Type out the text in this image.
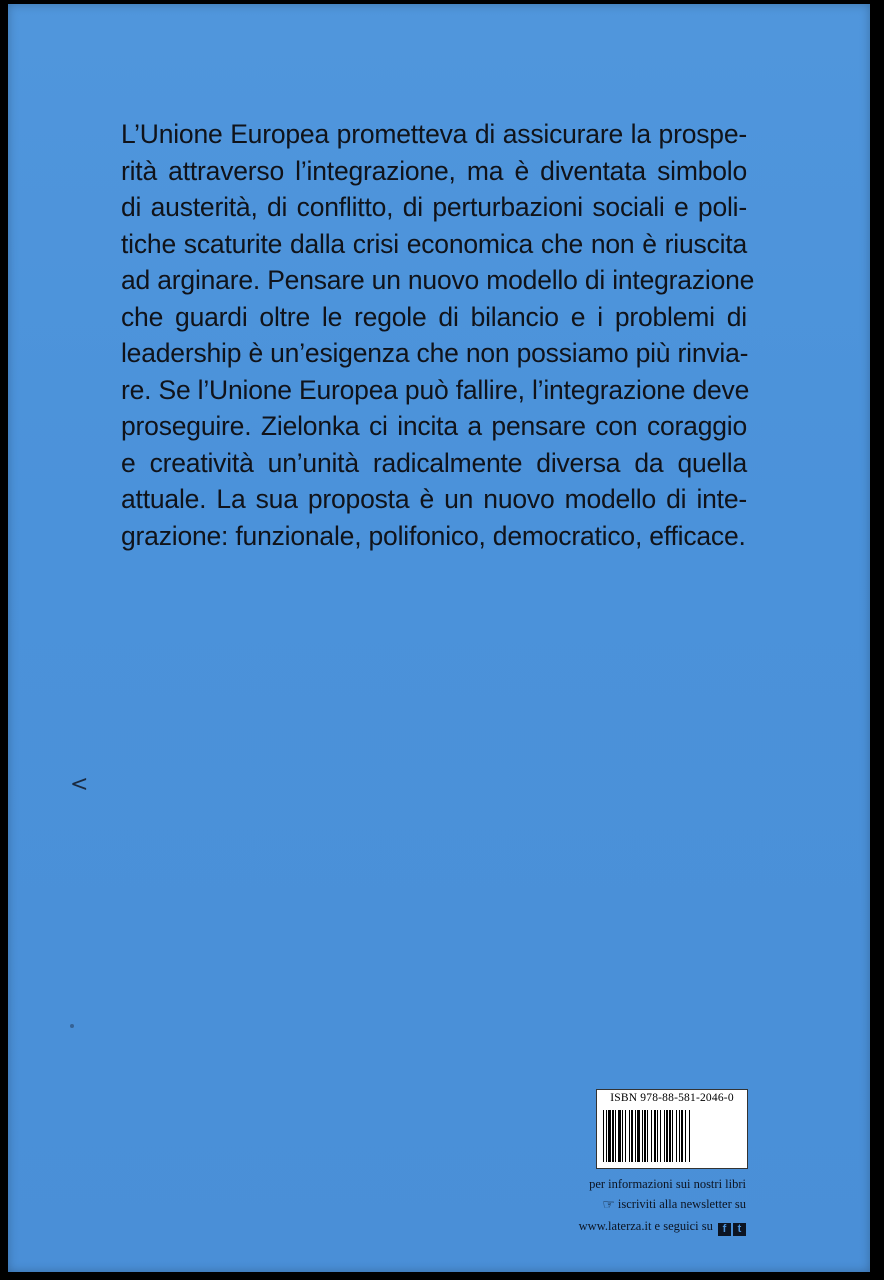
L’Unione Europea prometteva di assicurare la prospe-
rità attraverso l’integrazione, ma è diventata simbolo
di austerità, di conflitto, di perturbazioni sociali e poli-
tiche scaturite dalla crisi economica che non è riuscita
ad arginare. Pensare un nuovo modello di integrazione
che guardi oltre le regole di bilancio e i problemi di
leadership è un’esigenza che non possiamo più rinvia-
re. Se l’Unione Europea può fallire, l’integrazione deve
proseguire. Zielonka ci incita a pensare con coraggio
e creatività un’unità radicalmente diversa da quella
attuale. La sua proposta è un nuovo modello di inte-
grazione: funzionale, polifonico, democratico, efficace.
<
ISBN 978-88-581-2046-0
per informazioni sui nostri libri
☞ iscriviti alla newsletter su
www.laterza.it e seguici su f t
